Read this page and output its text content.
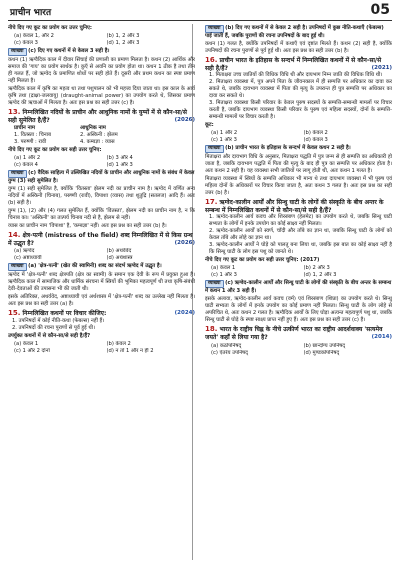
प्राचीन भारत	05
नीचे दिए गए कूट का प्रयोग कर उत्तर चुनिए:
(a) केवल 1, और 2	(b) 1, 2 और 3
(c) केवल 3	(d) 1, 2 और 3
व्याख्या (c) दिए गए कथनों में से केवल 3 सही है।
कथन (1) ऋग्वैदिक काल में दीवार सिंचाई की प्रणाली का प्रमाण मिलता है। कथन (2) आर्थिक और समाज की 'गाय' का प्रयोग सार्थक है। कुएँ से अवनि का प्रयोग होता था। कथन 1 ठीक है तथा तीन ही गलत हैं, जो ऋग्वेद के प्रमाणित शोधों पर सही होते हैं। दूसरी और प्रथम कथन का स्पष्ट प्रमाण नहीं मिलता है।
ऋग्वैदिक काल में कृषि का महत्व था तथा पशुपालन को भी महत्त्व दिया जाता था। इस काल के आर्य कृषि तथा (द्राक्षा-जलवायु) (draught-animal power) का उपयोग करते थे, जिसका प्रमाण ऋग्वेद की ऋचाओं में मिलता है। अतः इस प्रश्न का सही उत्तर (c) है।
13. निम्नलिखित नदियों के प्राचीन और आधुनिक नामों के युग्मों में से कौन-सा/से सही सुमेलित है/हैं?	(2026)
प्राचीन नाम	आधुनिक नाम
1. वितस्ता : चिनाब	2. अस्किनी : झेलम
3. परुष्णी : रावी	4. कम्बज्ञा : व्यास
नीचे दिए गए कूट का प्रयोग कर सही उत्तर चुनिए:
(a) 1 और 2	(b) 3 और 4
(c) केवल 4	(d) 1 और 3
व्याख्या (c) वैदिक साहित्य में उल्लिखित नदियों के प्राचीन और आधुनिक नामों के संबंध में केवल युग्म (3) सही सुमेलित है।
युग्म (1) सही सुमेलित है, क्योंकि 'वितस्ता' झेलम नदी का प्राचीन नाम है। ऋग्वेद में वर्णित अन्य नदियों में अस्किनी (चिनाब), परुष्णी (रावी), विपाशा (व्यास) तथा शुतुद्रि (सतलज) आदि हैं। अतः (b) सही है।
युग्म (1), (2) और (4) गलत सुमेलित हैं, क्योंकि 'वितस्ता', झेलम नदी का प्राचीन नाम है, न कि चिनाब का। 'अस्किनी' का तात्पर्य चिनाब नदी से है, झेलम से नहीं।
व्यास का प्राचीन नाम 'विपाशा' है, 'कम्बज्ञा' नहीं। अतः इस प्रश्न का सही उत्तर (b) है।
14. क्षेत्र-पत्नी (mistress of the field) शब्द निम्नलिखित में से किस ग्रन्थ में उद्धृत है?	(2026)
(a) ऋग्वेद	(b) अथर्ववेद
(c) अष्टाध्यायी	(d) अर्थशास्त्र
व्याख्या (a) 'क्षेत्र-पत्नी' (खेत की स्वामिनी) शब्द का संदर्भ ऋग्वेद में उद्धृत है।
ऋग्वेद में 'क्षेत्र-पत्नी' शब्द क्षेत्रपति (क्षेत्र का स्वामी) के समान एक देवी के रूप में प्रयुक्त हुआ है। ऋग्वैदिक काल में सामाजिक और धार्मिक संरचना में स्त्रियों की भूमिका महत्वपूर्ण थी तथा कृषि-संबंधी देवी-देवताओं की उपासना भी की जाती थी।
इसके अतिरिक्त, अथर्ववेद, अष्टाध्यायी एवं अर्थशास्त्र में 'क्षेत्र-पत्नी' शब्द का उल्लेख नहीं मिलता है। अतः इस प्रश्न का सही उत्तर (a) है।
15. निम्नलिखित कथनों पर विचार कीजिए:	(2024)
1. उपनिषदों में कोई नीति-कथा (फेबल्स) नहीं हैं।
2. उपनिषदों की रचना पुराणों से पूर्व हुई थी।
उपर्युक्त कथनों में से कौन-सा/से सही है/हैं?
(a) केवल 1	(b) केवल 2
(c) 1 और 2 दोनों	(d) न तो 1 और न ही 2
व्याख्या (b) दिए गए कथनों में से केवल 2 सही है। उपनिषदों में कुछ नीति-कथाएँ (फेबल्स) पाई जाती हैं, जबकि पुराणों की रचना उपनिषदों के बाद हुई थी।
कथन (1) गलत है, क्योंकि उपनिषदों में कथाएँ एवं दृष्टांत मिलते हैं। कथन (2) सही है, क्योंकि उपनिषदों की रचना पुराणों से पूर्व हुई थी। अतः इस प्रश्न का सही उत्तर (b) है।
16. प्राचीन भारत के इतिहास के सन्दर्भ में निम्नलिखित कथनों में से कौन-सा/से सही है/हैं?	(2021)
1. मिताक्षरा उच्च जातियों की विधिक विधि थी और दायभाग निम्न जाति की विधिक विधि थी।
2. मिताक्षरा व्यवस्था में, पुत्र अपने पिता के जीवनकाल में ही सम्पत्ति पर अधिकार का दावा कर सकते थे, जबकि दायभाग व्यवस्था में पिता की मृत्यु के उपरान्त ही पुत्र सम्पत्ति पर अधिकार का दावा कर सकते थे।
3. मिताक्षरा व्यवस्था किसी परिवार के केवल पुरुष सदस्यों के सम्पत्ति-सम्बन्धी मामलों पर विचार करती है, जबकि दायभाग व्यवस्था किसी परिवार के पुरुष एवं महिला सदस्यों, दोनों के सम्पत्ति-सम्बन्धी मामलों पर विचार करती है।
कूट:
(a) 1 और 2	(b) केवल 2
(c) 1 और 3	(d) केवल 3
व्याख्या (b) प्राचीन भारत के इतिहास के सन्दर्भ में केवल कथन 2 सही है।
मिताक्षरा और दायभाग विधि के अनुसार, मिताक्षरा पद्धति में पुत्र जन्म से ही सम्पत्ति का अधिकारी हो जाता है, जबकि दायभाग पद्धति में पिता की मृत्यु के बाद ही पुत्र का सम्पत्ति पर अधिकार होता है। अतः कथन 2 सही है। यह व्यवस्था सभी जातियों पर लागू होती थी, अतः कथन 1 गलत है।
मिताक्षरा व्यवस्था में स्त्रियों के सम्पत्ति अधिकार भी मान्य थे तथा दायभाग व्यवस्था में भी पुरुष एवं महिला दोनों के अधिकारों पर विचार किया जाता है, अतः कथन 3 गलत है। अतः इस प्रश्न का सही उत्तर (b) है।
17. ऋग्वेद-कालीन आर्यों और सिन्धु घाटी के लोगों की संस्कृति के बीच अन्तर के सम्बन्ध में निम्नलिखित कथनों में से कौन-सा/से सही है/हैं?
1. ऋग्वेद-कालीन आर्य कवच और शिरस्त्राण (हेलमेट) का उपयोग करते थे, जबकि सिन्धु घाटी सभ्यता के लोगों में इनके उपयोग का कोई साक्ष्य नहीं मिलता।
2. ऋग्वेद-कालीन आर्यों को स्वर्ण, चाँदी और ताँबे का ज्ञान था, जबकि सिन्धु घाटी के लोगों को केवल ताँबे और लोहे का ज्ञान था।
3. ऋग्वेद-कालीन आर्यों ने घोड़े को पालतू बना लिया था, जबकि इस बात का कोई साक्ष्य नहीं है कि सिन्धु घाटी के लोग इस पशु को जानते थे।
नीचे दिए गए कूट का प्रयोग कर सही उत्तर चुनिए: (2017)
(a) केवल 1	(b) 2 और 3
(c) 1 और 3	(d) 1, 2 और 3
व्याख्या (c) ऋग्वेद-कालीन आर्यों और सिन्धु घाटी के लोगों की संस्कृति के बीच अन्तर के सम्बन्ध में कथन 1 और 3 सही हैं।
इसके अलावा, ऋग्वेद-कालीन आर्य कवच (वर्म) एवं शिरस्त्राण (शिप्रा) का उपयोग करते थे। सिन्धु घाटी सभ्यता के लोगों में इनके उपयोग का कोई प्रमाण नहीं मिलता। सिन्धु घाटी के लोग लोहे से अपरिचित थे, अतः कथन 2 गलत है। ऋग्वैदिक आर्यों के लिए घोड़ा अत्यन्त महत्वपूर्ण पशु था, जबकि सिन्धु घाटी से घोड़े के स्पष्ट साक्ष्य प्राप्त नहीं हुए हैं। अतः इस प्रश्न का सही उत्तर (c) है।
18. भारत के राष्ट्रीय चिह्न के नीचे उत्कीर्ण भारत का राष्ट्रीय आदर्शवाक्य 'सत्यमेव जयते' कहाँ से लिया गया है?	(2014)
(a) कठोपनिषद्	(b) छान्दोग्य उपनिषद्
(c) ऐतरेय उपनिषद्	(d) मुण्डकोपनिषद्
